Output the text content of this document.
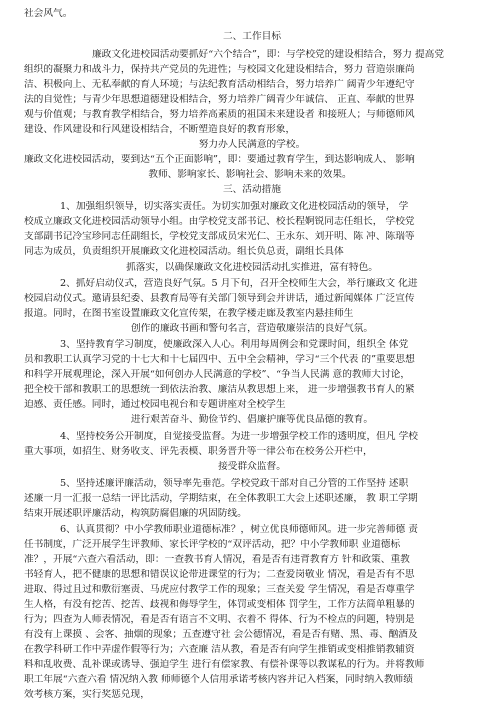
社会风气。
二、工作目标
廉政文化进校园活动要抓好“六个结合”，即：与学校党的建设相结合，努力 提高党
组织的凝聚力和战斗力，保持共产党员的先进性；与校园文化建设相结合，努力 营造崇廉尚
洁、积极向上、无私奉献的育人环境；与法纪教育活动相结合，努力培养广 阔青少年遵纪守
法的自觉性；与青少年思想道德建设相结合，努力培养广阔青少年诚信、 正直、奉献的世界
观与价值观；与教育教学相结合，努力培养高素质的祖国未来建设者 和接班人；与师德师风
建设、作风建设和行风建设相结合，不断塑造良好的教育形象，
努力办人民满意的学校。
廉政文化进校园活动，要到达“五个正面影响”，即：要通过教育学生，到达影响成人、 影响
教师、影响家长、影响社会、影响未来的效果。
三、活动措施
1、加强组织领导，切实落实责任。为切实加强对廉政文化进校园活动的领导， 学
校成立廉政文化进校园活动领导小组。由学校党支部书记、校长程婀锐同志任组长， 学校党
支部副书记冷宝珍同志任副组长，学校党支部成员宋光仁、王永东、刘开明、陈 冲、陈瑞等
同志为成员，负责组织开展廉政文化进校园活动。组长负总责，副组长具体
抓落实，以确保廉政文化进校园活动扎实推进，富有特色。
2、抓好启动仪式，营造良好气氛。5 月下旬，召开全校师生大会，举行廉政文 化进
校园启动仪式。邀请县纪委、县教育局等有关部门领导到会并讲话，通过新闻媒体 广泛宣传
报道。同时，在图书室设置廉政文化宣传架，在教学楼走廊及教室内悬挂师生
创作的廉政书画和警句名言，营造敬廉崇洁的良好气氛。
3、坚持教育学习制度，使廉政深入人心。利用每周例会和党课时间，组织全 体党
员和教职工认真学习党的十七大和十七届四中、五中全会精神，学习“三个代表 的”重要思想
和科学开展观理论，深入开展“如何创办人民满意的学校”、“争当人民满 意的教师大讨论，
把全校干部和教职工的思想统一到依法治教、廉洁从教思想上来， 进一步增强教书育人的紧
迫感、责任感。同时，通过校园电视台和专题讲座对全校学生
进行艰苦奋斗、勤俭节约、倡廉护廉等优良品德的教育。
4、坚持校务公开制度，自觉接受监督。为进一步增强学校工作的透明度，但凡 学校
重大事项，如招生、财务收支、评先表模、职务晋升等一律公布在校务公开栏中，
接受群众监督。
5、坚持述廉评廉活动，领导率先垂范。学校党政干部对自己分管的工作坚持 述职
述廉一月一汇报一总结一评比活动，学期结束，在全体教职工大会上述职述廉， 教 职工学期
结束开展述职评廉活动，构筑防腐倡廉的巩固防线。
6、认真贯彻？中小学教师职业道德标准？，树立优良师德师风。进一步完善师德 责
任书制度，广泛开展学生评教师、家长评学校的“双评活动，把？中小学教师职 业道德标
准？，开展“六查六看活动，即：一查教书育人情况，看是否有违背教育方 针和政策、重教
书轻育人，把不健康的思想和错误议论带进课堂的行为；二查爱岗敬业 情况，看是否有不思
进取、得过且过和敷衍塞责、马虎应付教学工作的现象；三查关爱 学生情况，看是否尊重学
生人格，有没有挖苦、挖苦、歧视和侮辱学生，体罚或变相体 罚学生，工作方法简单粗暴的
行为；四查为人师表情况，看是否有语言不文明、衣着不 得体、行为不检点的问题，特别是
有没有上课摸 、会客、抽烟的现象；五查遵守社 会公德情况，看是否有赌、黑、毒、酗酒及
在教学科研工作中弄虚作假等行为；六查廉 洁从教，看是否有向学生推销或变相推销教辅资
料和乱收费、乱补课或诱导、强迫学生 进行有偿家教、有偿补课等以教谋私的行为。并将教师
职工年展“六查六看 情况纳入教 师师德个人信用承诺考核内容并记入档案，同时纳入教师绩
效考核方案，实行奖惩兑现，
